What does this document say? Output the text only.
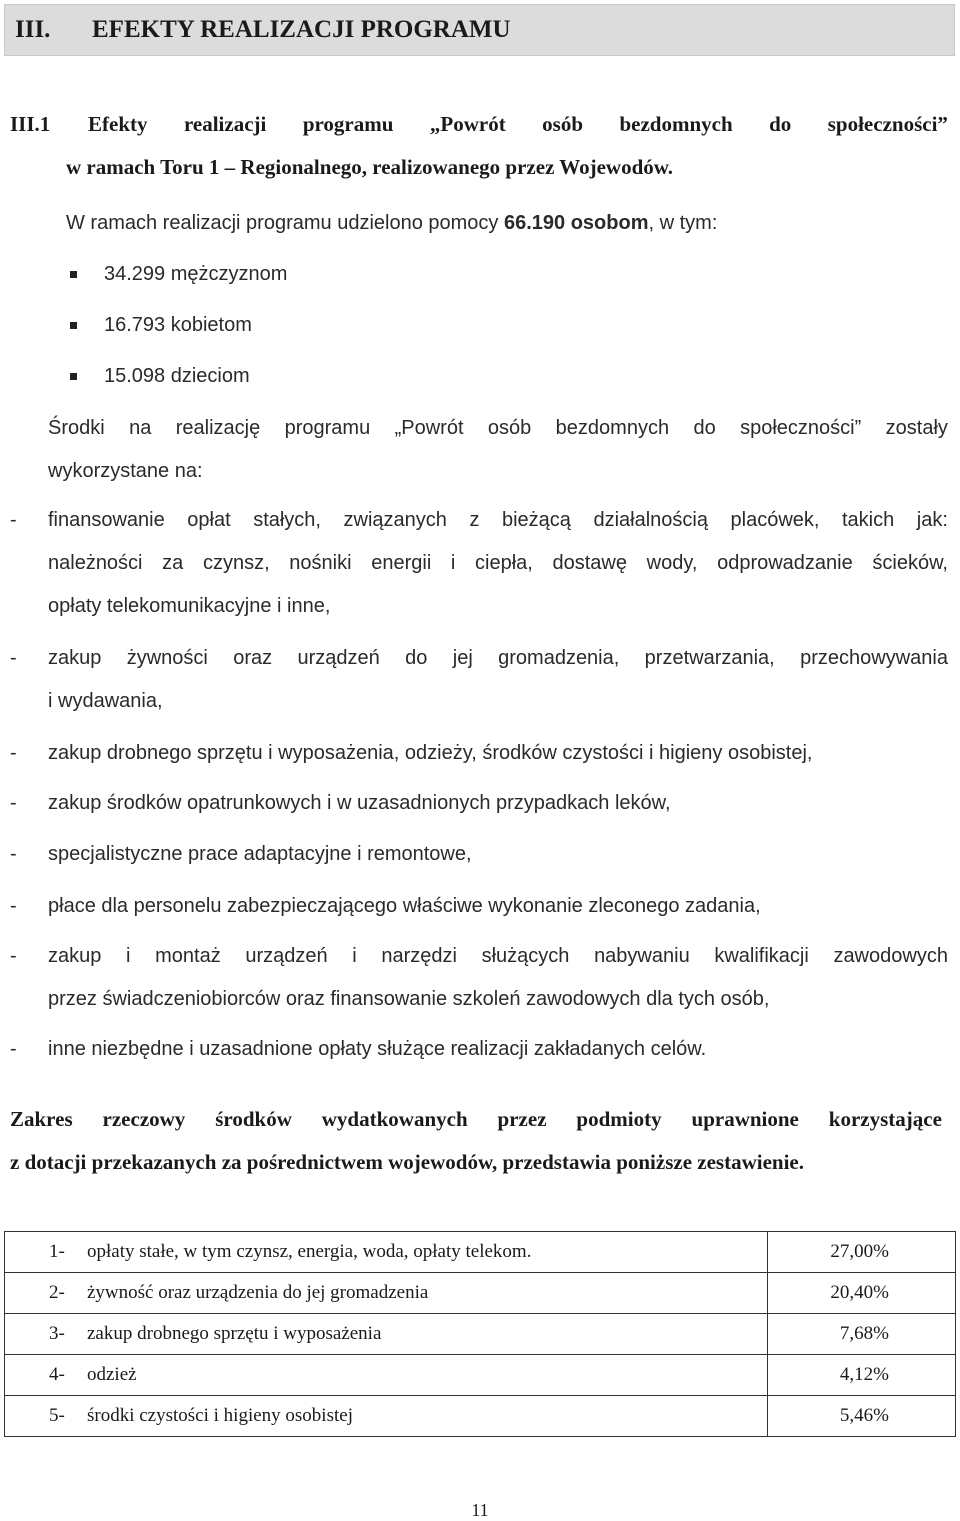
III. EFEKTY REALIZACJI PROGRAMU
III.1 Efekty realizacji programu „Powrót osób bezdomnych do społeczności”
w ramach Toru 1 – Regionalnego, realizowanego przez Wojewodów.
W ramach realizacji programu udzielono pomocy 66.190 osobom, w tym:
34.299 mężczyznom
16.793 kobietom
15.098 dzieciom
Środki na realizację programu „Powrót osób bezdomnych do społeczności” zostały
wykorzystane na:
- finansowanie opłat stałych, związanych z bieżącą działalnością placówek, takich jak:
należności za czynsz, nośniki energii i ciepła, dostawę wody, odprowadzanie ścieków,
opłaty telekomunikacyjne i inne,
- zakup żywności oraz urządzeń do jej gromadzenia, przetwarzania, przechowywania
i wydawania,
- zakup drobnego sprzętu i wyposażenia, odzieży, środków czystości i higieny osobistej,
- zakup środków opatrunkowych i w uzasadnionych przypadkach leków,
- specjalistyczne prace adaptacyjne i remontowe,
- płace dla personelu zabezpieczającego właściwe wykonanie zleconego zadania,
- zakup i montaż urządzeń i narzędzi służących nabywaniu kwalifikacji zawodowych
przez świadczeniobiorców oraz finansowanie szkoleń zawodowych dla tych osób,
- inne niezbędne i uzasadnione opłaty służące realizacji zakładanych celów.
Zakres rzeczowy środków wydatkowanych przez podmioty uprawnione korzystające
z dotacji przekazanych za pośrednictwem wojewodów, przedstawia poniższe zestawienie.
1- opłaty stałe, w tym czynsz, energia, woda, opłaty telekom.	27,00%
2- żywność oraz urządzenia do jej gromadzenia	20,40%
3- zakup drobnego sprzętu i wyposażenia	7,68%
4- odzież	4,12%
5- środki czystości i higieny osobistej	5,46%
11
